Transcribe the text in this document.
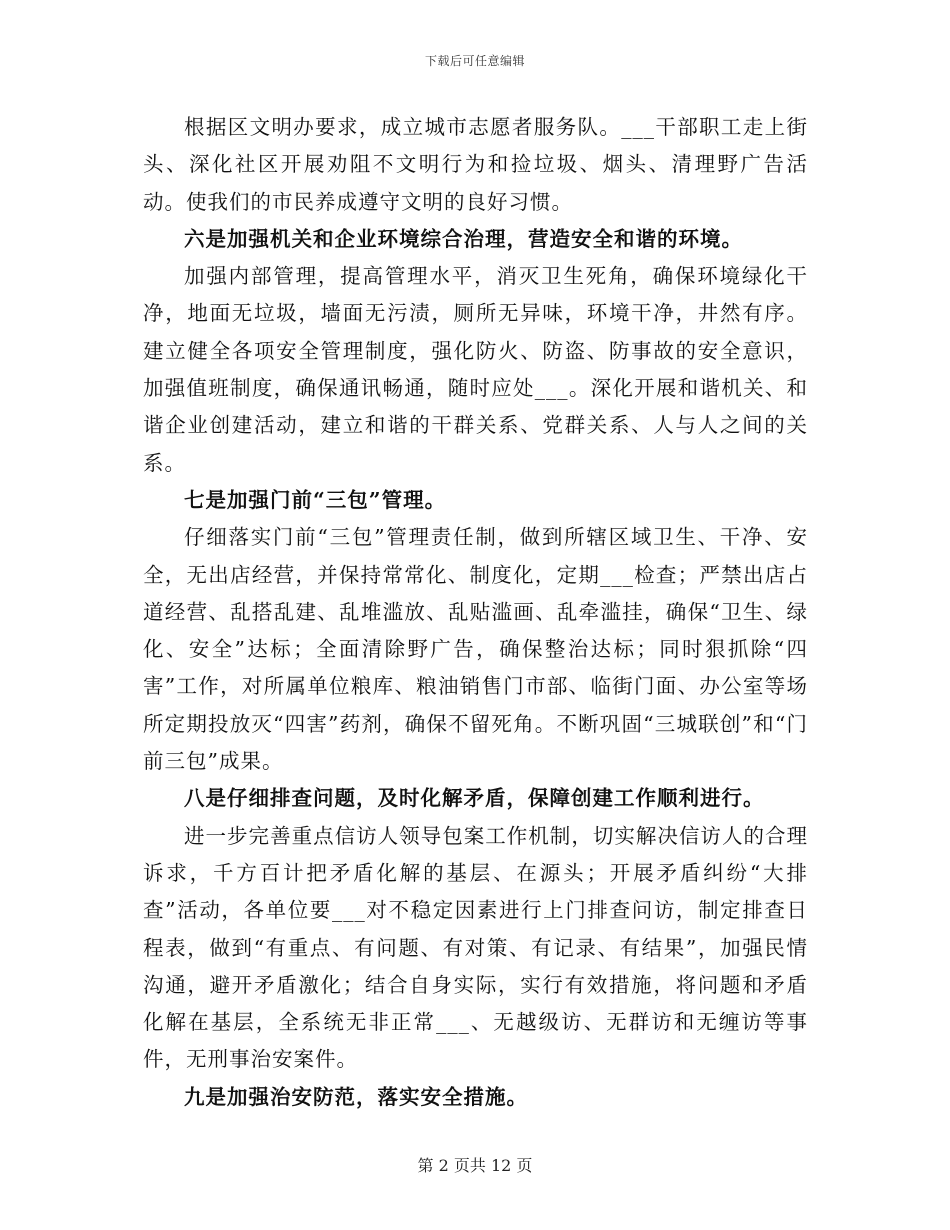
下载后可任意编辑

根据区文明办要求，成立城市志愿者服务队。___干部职工走上街头、深化社区开展劝阻不文明行为和捡垃圾、烟头、清理野广告活动。使我们的市民养成遵守文明的良好习惯。

六是加强机关和企业环境综合治理，营造安全和谐的环境。

加强内部管理，提高管理水平，消灭卫生死角，确保环境绿化干净，地面无垃圾，墙面无污渍，厕所无异味，环境干净，井然有序。建立健全各项安全管理制度，强化防火、防盗、防事故的安全意识，加强值班制度，确保通讯畅通，随时应处___。深化开展和谐机关、和谐企业创建活动，建立和谐的干群关系、党群关系、人与人之间的关系。

七是加强门前“三包”管理。

仔细落实门前“三包”管理责任制，做到所辖区域卫生、干净、安全，无出店经营，并保持常常化、制度化，定期___检查；严禁出店占道经营、乱搭乱建、乱堆滥放、乱贴滥画、乱牵滥挂，确保“卫生、绿化、安全”达标；全面清除野广告，确保整治达标；同时狠抓除“四害”工作，对所属单位粮库、粮油销售门市部、临街门面、办公室等场所定期投放灭“四害”药剂，确保不留死角。不断巩固“三城联创”和“门前三包”成果。

八是仔细排查问题，及时化解矛盾，保障创建工作顺利进行。

进一步完善重点信访人领导包案工作机制，切实解决信访人的合理诉求，千方百计把矛盾化解的基层、在源头；开展矛盾纠纷“大排查”活动，各单位要___对不稳定因素进行上门排查问访，制定排查日程表，做到“有重点、有问题、有对策、有记录、有结果”，加强民情沟通，避开矛盾激化；结合自身实际，实行有效措施，将问题和矛盾化解在基层，全系统无非正常___、无越级访、无群访和无缠访等事件，无刑事治安案件。

九是加强治安防范，落实安全措施。

第 2 页共 12 页
